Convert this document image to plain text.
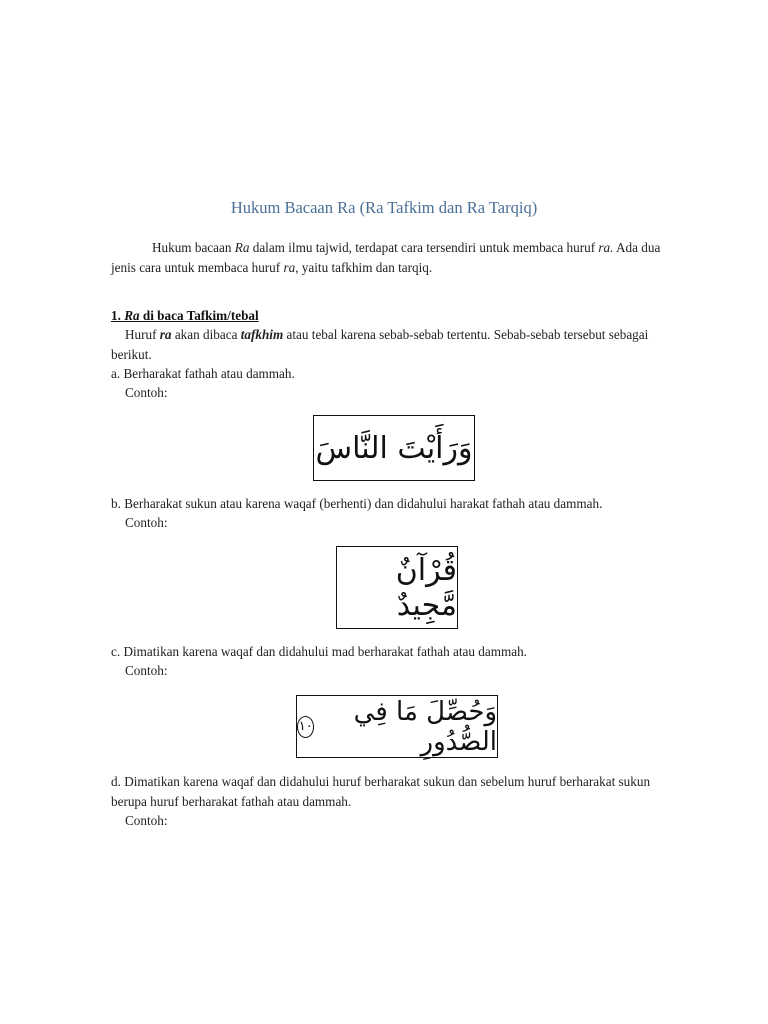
Hukum Bacaan Ra (Ra Tafkim dan Ra Tarqiq)
Hukum bacaan Ra dalam ilmu tajwid, terdapat cara tersendiri untuk membaca huruf ra. Ada dua jenis cara untuk membaca huruf ra, yaitu tafkhim dan tarqiq.
1. Ra di baca Tafkim/tebal
Huruf ra akan dibaca tafkhim atau tebal karena sebab-sebab tertentu. Sebab-sebab tersebut sebagai berikut.
a. Berharakat fathah atau dammah.
Contoh:
وَرَأَيْتَ النَّاسَ
b. Berharakat sukun atau karena waqaf (berhenti) dan didahului harakat fathah atau dammah.
Contoh:
قُرْآنٌ مَّجِيدٌ
c. Dimatikan karena waqaf dan didahului mad berharakat fathah atau dammah.
Contoh:
وَحُصِّلَ مَا فِي الصُّدُورِ
١٠
d. Dimatikan karena waqaf dan didahului huruf berharakat sukun dan sebelum huruf berharakat sukun berupa huruf berharakat fathah atau dammah.
Contoh:
